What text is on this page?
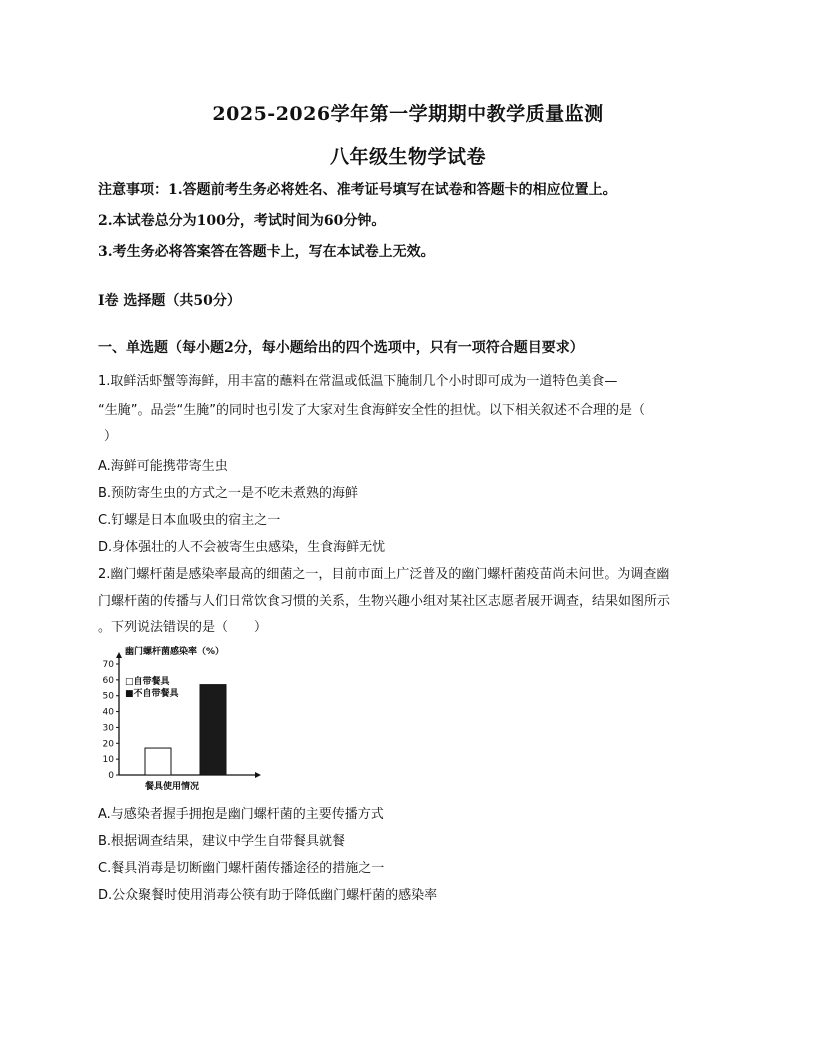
2025-2026学年第一学期期中教学质量监测
八年级生物学试卷
注意事项：1.答题前考生务必将姓名、准考证号填写在试卷和答题卡的相应位置上。
2.本试卷总分为100分，考试时间为60分钟。
3.考生务必将答案答在答题卡上，写在本试卷上无效。
Ⅰ卷 选择题（共50分）
一、单选题（每小题2分，每小题给出的四个选项中，只有一项符合题目要求）
1.取鲜活虾蟹等海鲜，用丰富的蘸料在常温或低温下腌制几个小时即可成为一道特色美食—
“生腌”。品尝“生腌”的同时也引发了大家对生食海鲜安全性的担忧。以下相关叙述不合理的是（
）
A.海鲜可能携带寄生虫
B.预防寄生虫的方式之一是不吃未煮熟的海鲜
C.钉螺是日本血吸虫的宿主之一
D.身体强壮的人不会被寄生虫感染，生食海鲜无忧
2.幽门螺杆菌是感染率最高的细菌之一，目前市面上广泛普及的幽门螺杆菌疫苗尚未问世。为调查幽
门螺杆菌的传播与人们日常饮食习惯的关系，生物兴趣小组对某社区志愿者展开调查，结果如图所示
。下列说法错误的是（　　）
0
10
20
30
40
50
60
70
□自带餐具
■不自带餐具
幽门螺杆菌感染率（%）
餐具使用情况
A.与感染者握手拥抱是幽门螺杆菌的主要传播方式
B.根据调查结果，建议中学生自带餐具就餐
C.餐具消毒是切断幽门螺杆菌传播途径的措施之一
D.公众聚餐时使用消毒公筷有助于降低幽门螺杆菌的感染率
